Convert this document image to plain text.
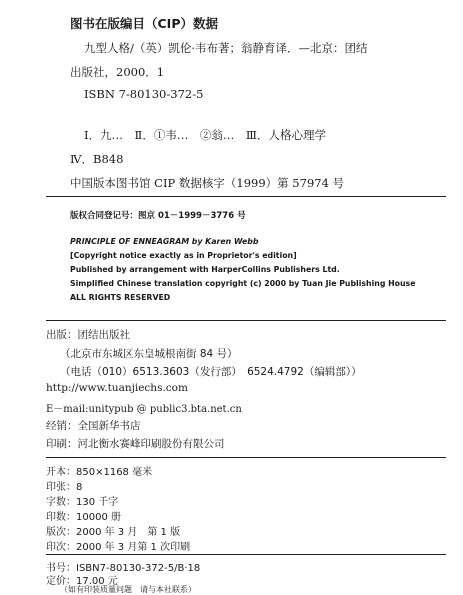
图书在版编目（CIP）数据
九型人格/（英）凯伦·韦布著；翁静育译．—北京：团结
出版社，2000．1
ISBN 7-80130-372-5
Ⅰ．九…　Ⅱ．①韦…　②翁…　Ⅲ．人格心理学
Ⅳ．B848
中国版本图书馆 CIP 数据核字（1999）第 57974 号
版权合同登记号：图京 01－1999－3776 号
PRINCIPLE OF ENNEAGRAM by Karen Webb
[Copyright notice exactly as in Proprietor's edition]
Published by arrangement with HarperCollins Publishers Ltd.
Simplified Chinese translation copyright (c) 2000 by Tuan Jie Publishing House
ALL RIGHTS RESERVED
出版：团结出版社
（北京市东城区东皇城根南街 84 号）
（电话（010）6513.3603（发行部）　6524.4792（编辑部））
http://www.tuanjiechs.com
E－mail:unitypub @ public3.bta.net.cn
经销：全国新华书店
印刷：河北衡水赛峰印刷股份有限公司
开本：850×1168 毫米
印张：8
字数：130 千字
印数：10000 册
版次：2000 年 3 月　第 1 版
印次：2000 年 3 月第 1 次印刷
书号：ISBN7-80130-372-5/B·18
定价：17.00 元
（如有印装质量问题　请与本社联系）
